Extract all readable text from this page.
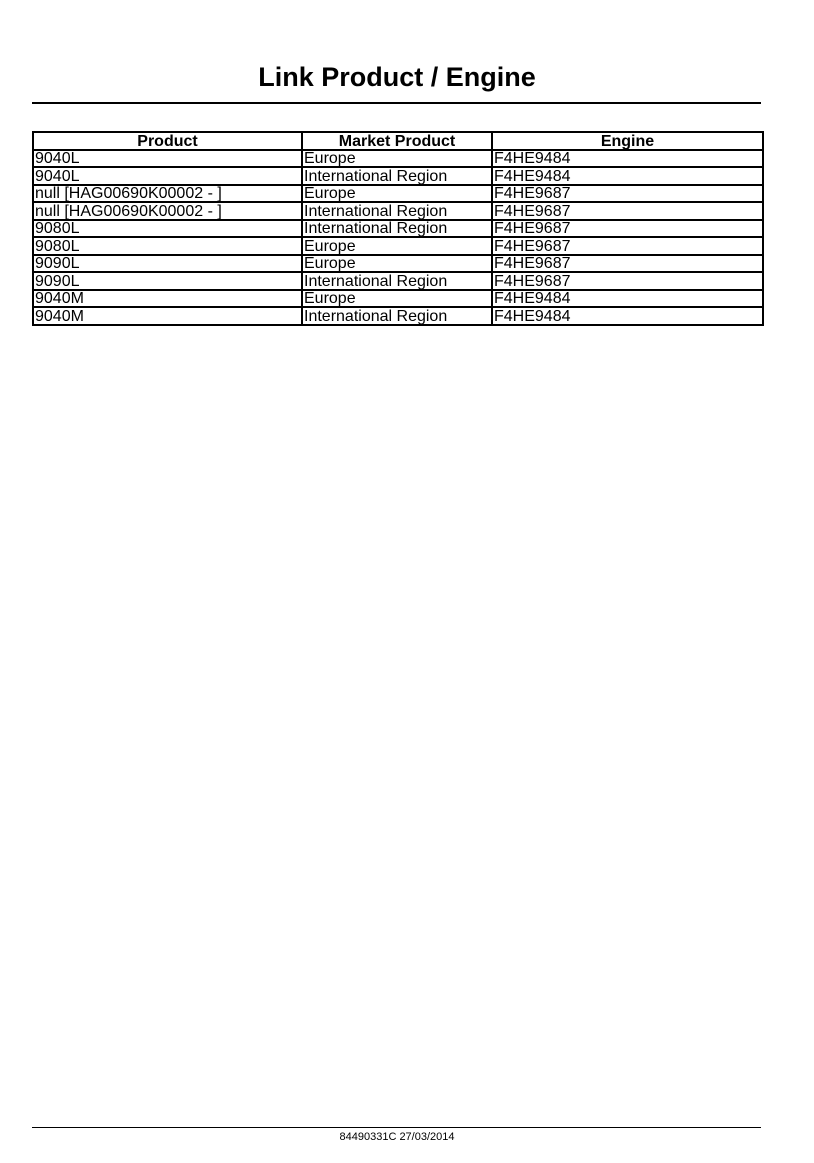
Link Product / Engine
Product	Market Product	Engine
9040L	Europe	F4HE9484
9040L	International Region	F4HE9484
null [HAG00690K00002 - ]	Europe	F4HE9687
null [HAG00690K00002 - ]	International Region	F4HE9687
9080L	International Region	F4HE9687
9080L	Europe	F4HE9687
9090L	Europe	F4HE9687
9090L	International Region	F4HE9687
9040M	Europe	F4HE9484
9040M	International Region	F4HE9484
84490331C 27/03/2014
